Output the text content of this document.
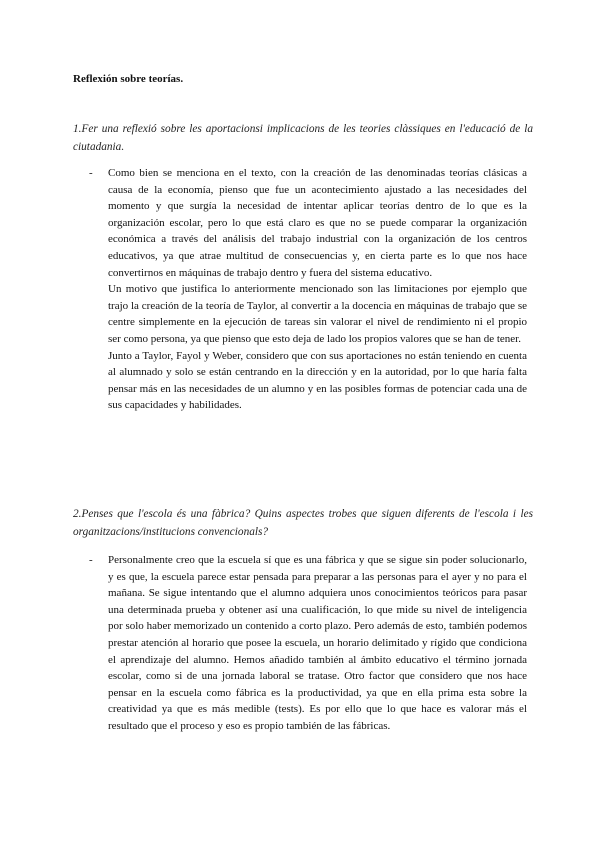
Reflexión sobre teorías.
1.Fer una reflexió sobre les aportacionsi implicacions de les teories clàssiques en l'educació de la ciutadania.
- Como bien se menciona en el texto, con la creación de las denominadas teorías clásicas a causa de la economía, pienso que fue un acontecimiento ajustado a las necesidades del momento y que surgía la necesidad de intentar aplicar teorías dentro de lo que es la organización escolar, pero lo que está claro es que no se puede comparar la organización económica a través del análisis del trabajo industrial con la organización de los centros educativos, ya que atrae multitud de consecuencias y, en cierta parte es lo que nos hace convertirnos en máquinas de trabajo dentro y fuera del sistema educativo.

Un motivo que justifica lo anteriormente mencionado son las limitaciones por ejemplo que trajo la creación de la teoría de Taylor, al convertir a la docencia en máquinas de trabajo que se centre simplemente en la ejecución de tareas sin valorar el nivel de rendimiento ni el propio ser como persona, ya que pienso que esto deja de lado los propios valores que se han de tener.

Junto a Taylor, Fayol y Weber, considero que con sus aportaciones no están teniendo en cuenta al alumnado y solo se están centrando en la dirección y en la autoridad, por lo que haría falta pensar más en las necesidades de un alumno y en las posibles formas de potenciar cada una de sus capacidades y habilidades.

2.Penses que l'escola és una fàbrica? Quins aspectes trobes que siguen diferents de l'escola i les organitzacions/institucions convencionals?
- Personalmente creo que la escuela sí que es una fábrica y que se sigue sin poder solucionarlo, y es que, la escuela parece estar pensada para preparar a las personas para el ayer y no para el mañana. Se sigue intentando que el alumno adquiera unos conocimientos teóricos para pasar una determinada prueba y obtener así una cualificación, lo que mide su nivel de inteligencia por solo haber memorizado un contenido a corto plazo. Pero además de esto, también podemos prestar atención al horario que posee la escuela, un horario delimitado y rígido que condiciona el aprendizaje del alumno. Hemos añadido también al ámbito educativo el término jornada escolar, como si de una jornada laboral se tratase. Otro factor que considero que nos hace pensar en la escuela como fábrica es la productividad, ya que en ella prima esta sobre la creatividad ya que es más medible (tests). Es por ello que lo que hace es valorar más el resultado que el proceso y eso es propio también de las fábricas.
